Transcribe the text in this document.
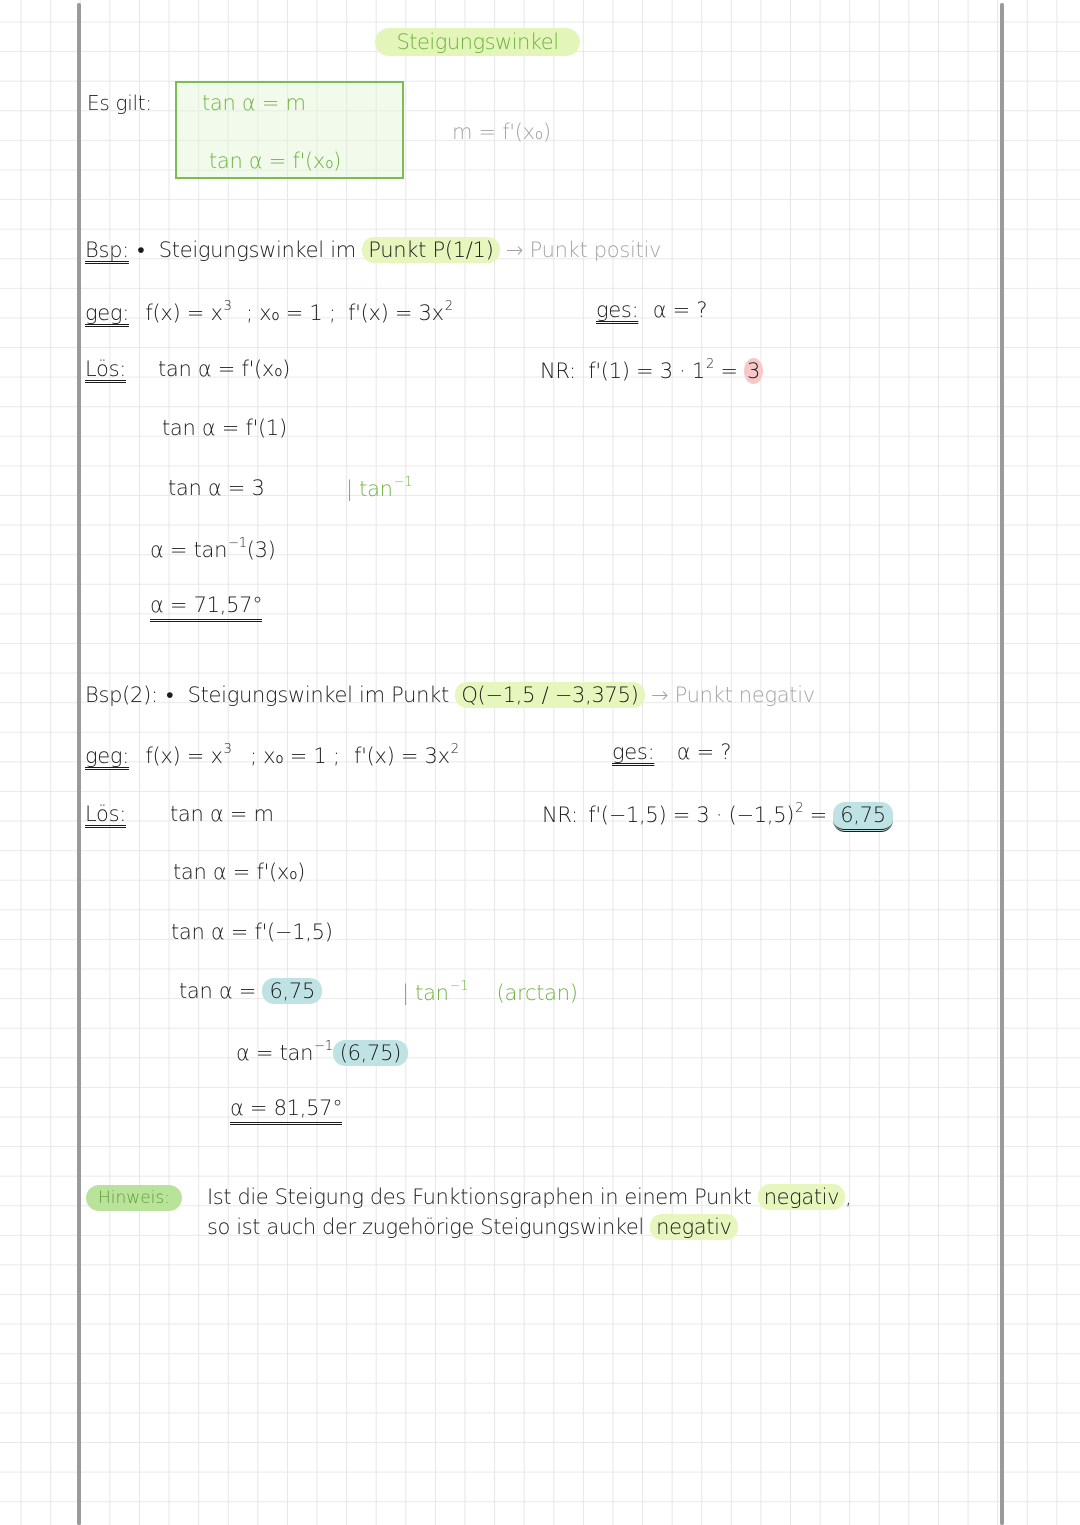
Steigungswinkel
Es gilt: tan α = m
tan α = f'(x₀)
m = f'(x₀)
Bsp: • Steigungswinkel im Punkt P(1/1) → Punkt positiv
geg: $f(x) = x^3$ ; x₀ = 1 ; $f'(x) = 3x^2$	ges: α = ?
Lös: tan α = f'(x₀)	NR: $f'(1) = 3 \cdot 1^2 = 3$
tan α = f'(1)
tan α = 3	| $\tan^{-1}$
$\alpha = \tan^{-1}(3)$
α = 71,57°
Bsp(2): • Steigungswinkel im Punkt Q(−1,5 / −3,375) → Punkt negativ
geg: $f(x) = x^3$ ; x₀ = 1 ; $f'(x) = 3x^2$	ges: α = ?
Lös: tan α = m	NR: $f'(-1,5) = 3 \cdot (-1,5)^2 = 6,75$
tan α = f'(x₀)
tan α = f'(−1,5)
tan α = 6,75	| $\tan^{-1} (\arctan)$
$\alpha = \tan^{-1} (6,75)$
α = 81,57°
Hinweis:	Ist die Steigung des Funktionsgraphen in einem Punkt negativ ,
so ist auch der zugehörige Steigungswinkel negativ
